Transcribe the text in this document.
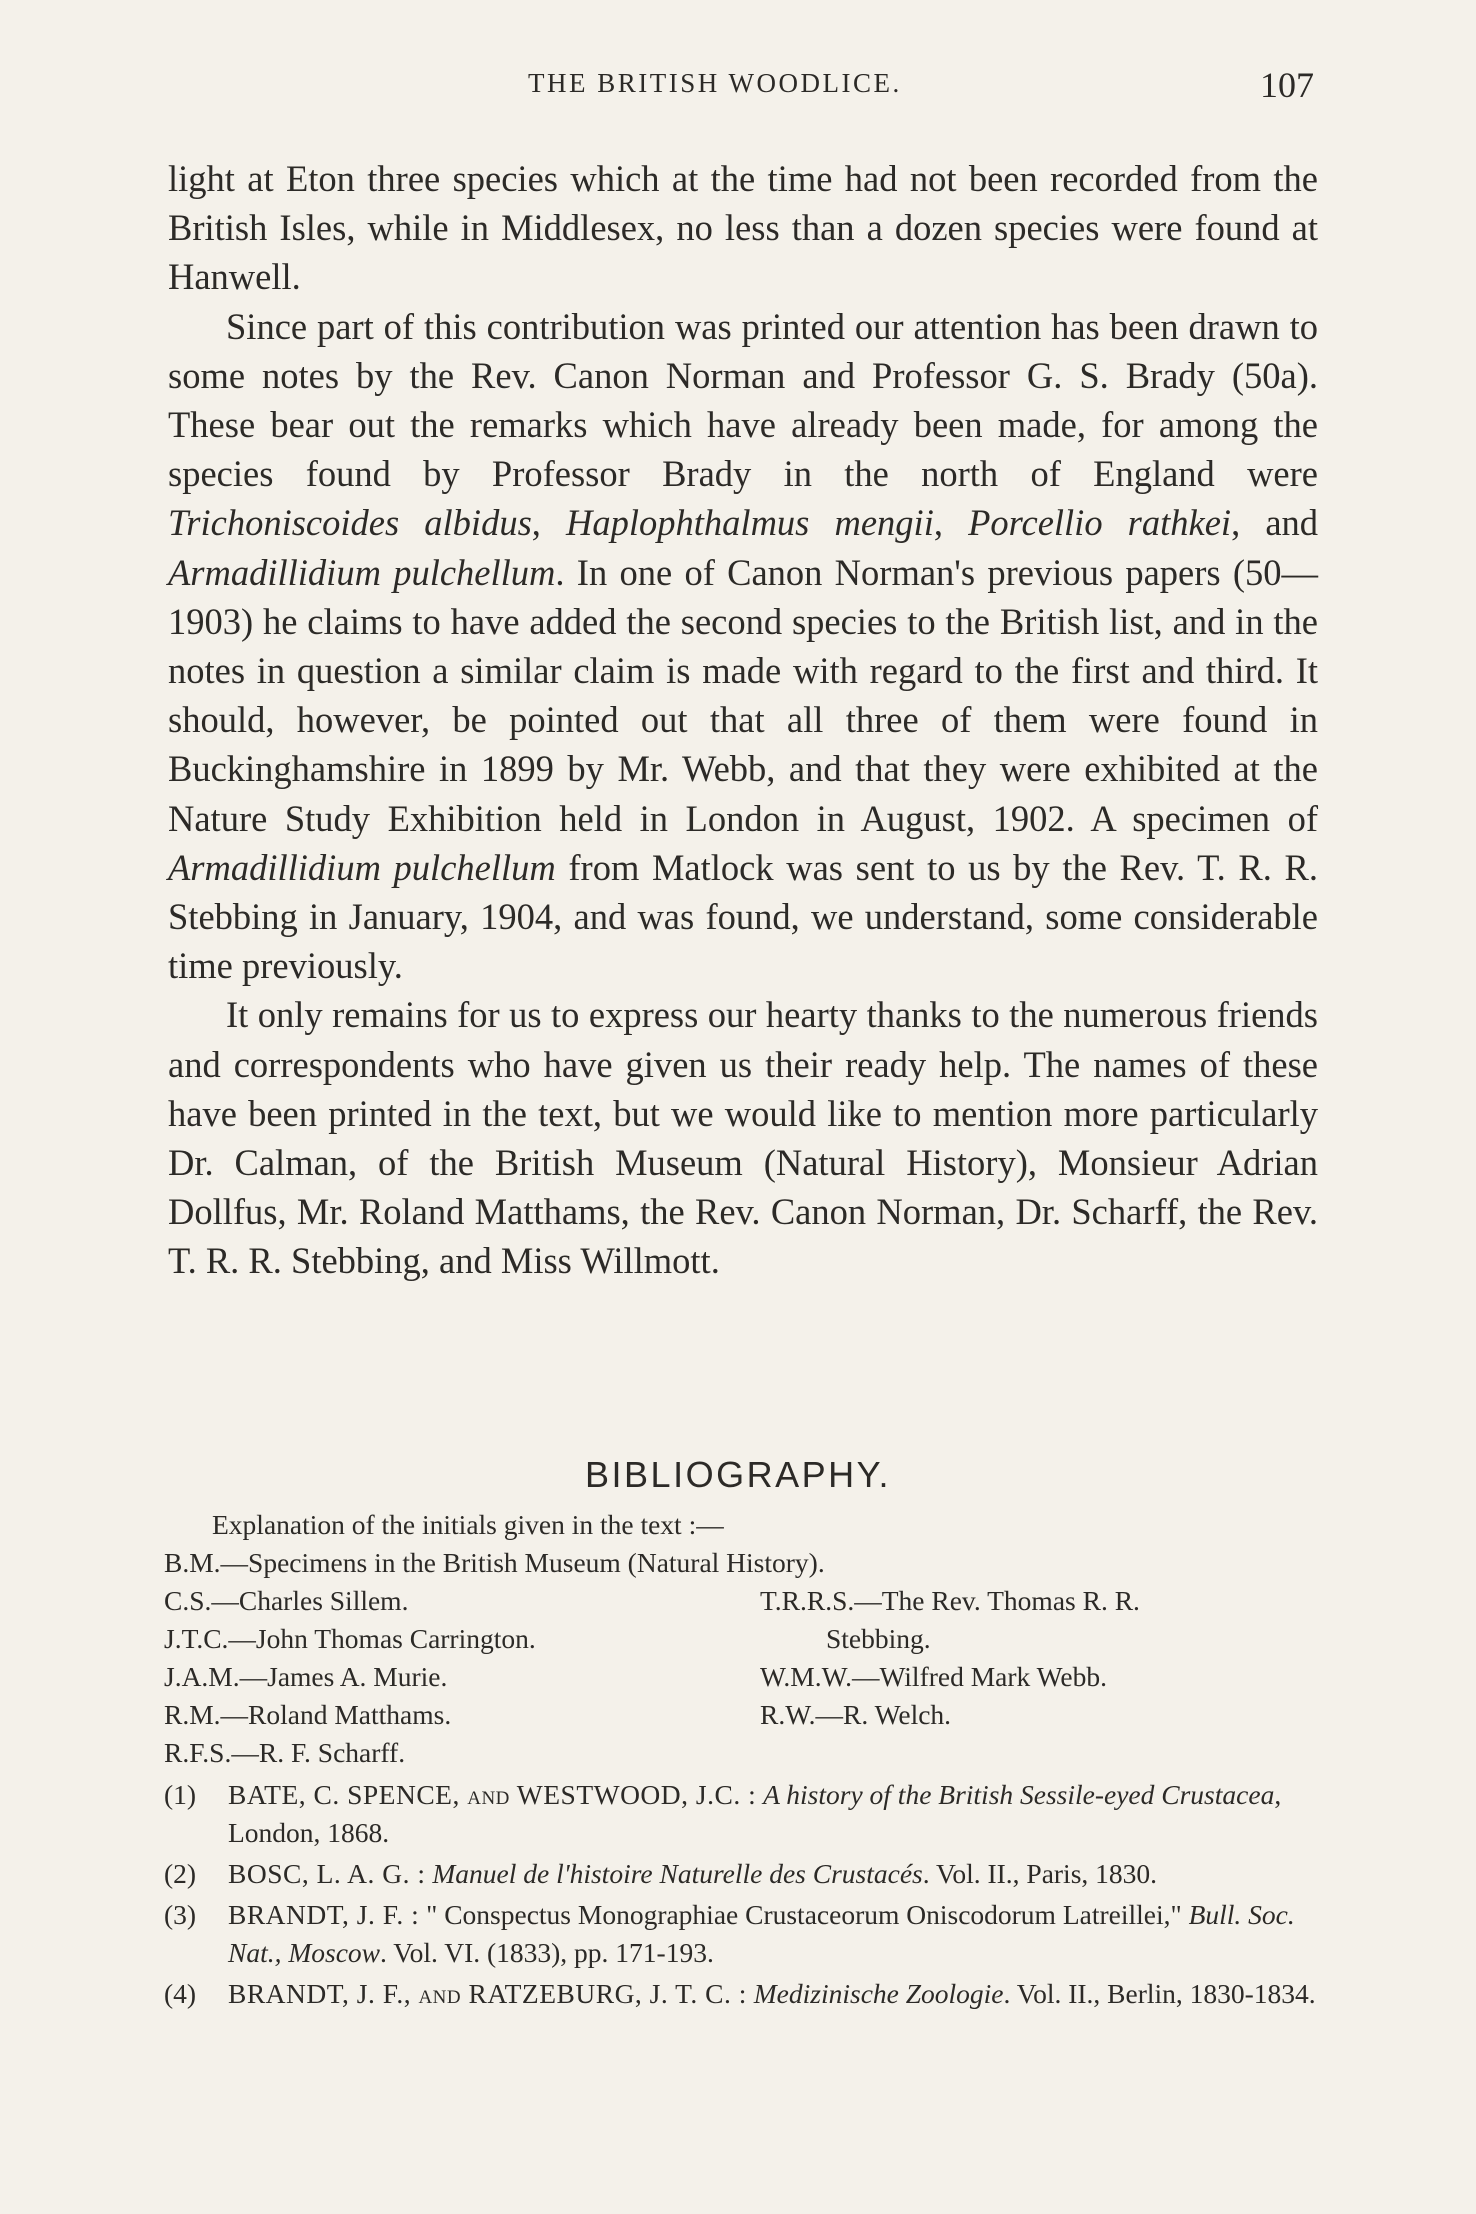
THE BRITISH WOODLICE.	107

light at Eton three species which at the time had not been recorded from the British Isles, while in Middlesex, no less than a dozen species were found at Hanwell.

Since part of this contribution was printed our attention has been drawn to some notes by the Rev. Canon Norman and Professor G. S. Brady (50a). These bear out the remarks which have already been made, for among the species found by Professor Brady in the north of England were Trichoniscoides albidus, Haplophthalmus mengii, Porcellio rathkei, and Armadillidium pulchellum. In one of Canon Norman's previous papers (50—1903) he claims to have added the second species to the British list, and in the notes in question a similar claim is made with regard to the first and third. It should, however, be pointed out that all three of them were found in Buckinghamshire in 1899 by Mr. Webb, and that they were exhibited at the Nature Study Exhibition held in London in August, 1902. A specimen of Armadillidium pulchellum from Matlock was sent to us by the Rev. T. R. R. Stebbing in January, 1904, and was found, we understand, some considerable time previously.

It only remains for us to express our hearty thanks to the numerous friends and correspondents who have given us their ready help. The names of these have been printed in the text, but we would like to mention more particularly Dr. Calman, of the British Museum (Natural History), Monsieur Adrian Dollfus, Mr. Roland Matthams, the Rev. Canon Norman, Dr. Scharff, the Rev. T. R. R. Stebbing, and Miss Willmott.

BIBLIOGRAPHY.

Explanation of the initials given in the text :—

B.M.—Specimens in the British Museum (Natural History).
C.S.—Charles Sillem.	T.R.R.S.—The Rev. Thomas R. R.
J.T.C.—John Thomas Carrington.	Stebbing.
J.A.M.—James A. Murie.	W.M.W.—Wilfred Mark Webb.
R.M.—Roland Matthams.	R.W.—R. Welch.
R.F.S.—R. F. Scharff.
(1)	BATE, C. SPENCE, and WESTWOOD, J.C. : A history of the British Sessile-eyed Crustacea, London, 1868.
(2)	BOSC, L. A. G. : Manuel de l'histoire Naturelle des Crustacés. Vol. II., Paris, 1830.
(3)	BRANDT, J. F. : " Conspectus Monographiae Crustaceorum Oniscodorum Latreillei," Bull. Soc. Nat., Moscow. Vol. VI. (1833), pp. 171-193.
(4)	BRANDT, J. F., and RATZEBURG, J. T. C. : Medizinische Zoologie. Vol. II., Berlin, 1830-1834.
